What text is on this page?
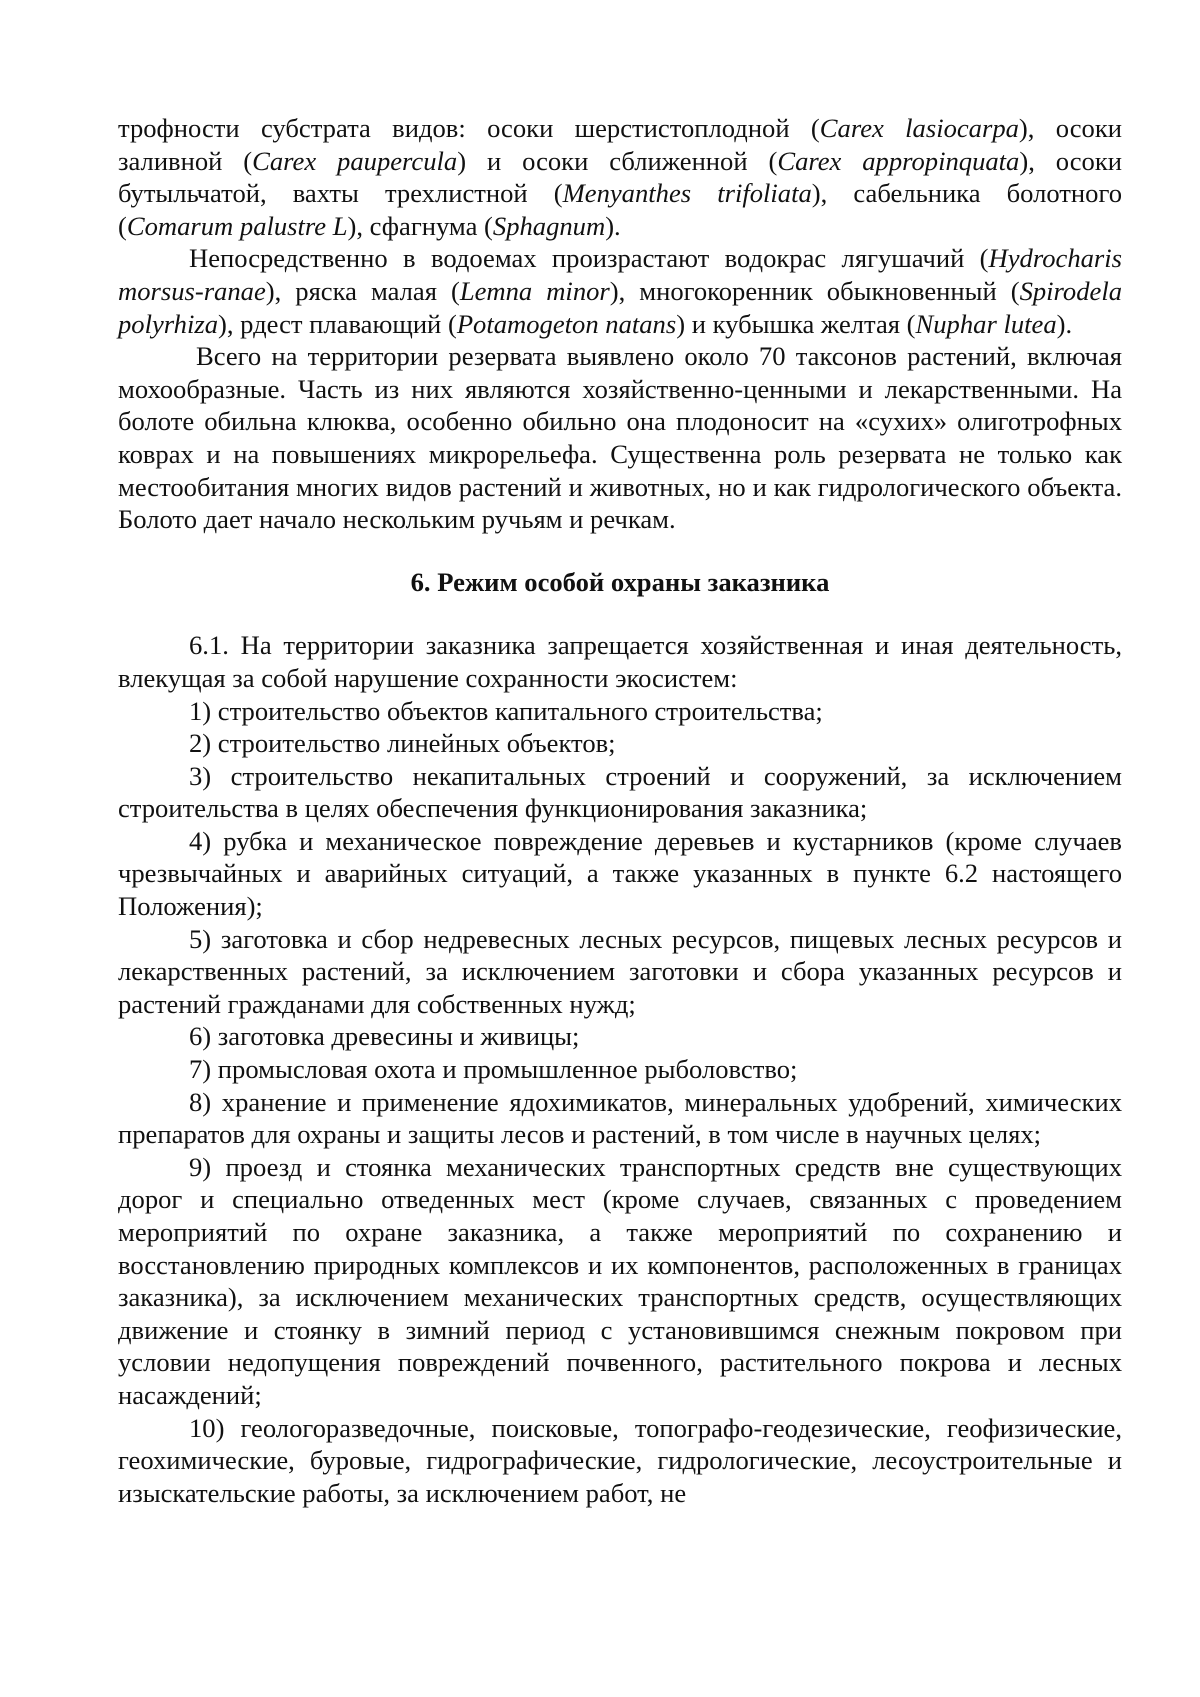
трофности субстрата видов: осоки шерстистоплодной (Carex lasiocarpa), осоки заливной (Carex paupercula) и осоки сближенной (Carex appropinquata), осоки бутыльчатой, вахты трехлистной (Menyanthes trifoliata), сабельника болотного (Comarum palustre L), сфагнума (Sphagnum).

Непосредственно в водоемах произрастают водокрас лягушачий (Hydrocharis morsus-ranae), ряска малая (Lemna minor), многокоренник обыкновенный (Spirodela polyrhiza), рдест плавающий (Potamogeton natans) и кубышка желтая (Nuphar lutea).

Всего на территории резервата выявлено около 70 таксонов растений, включая мохообразные. Часть из них являются хозяйственно-ценными и лекарственными. На болоте обильна клюква, особенно обильно она плодоносит на «сухих» олиготрофных коврах и на повышениях микрорельефа. Существенна роль резервата не только как местообитания многих видов растений и животных, но и как гидрологического объекта. Болото дает начало нескольким ручьям и речкам.

6. Режим особой охраны заказника

6.1. На территории заказника запрещается хозяйственная и иная деятельность, влекущая за собой нарушение сохранности экосистем:

1) строительство объектов капитального строительства;

2) строительство линейных объектов;

3) строительство некапитальных строений и сооружений, за исключением строительства в целях обеспечения функционирования заказника;

4) рубка и механическое повреждение деревьев и кустарников (кроме случаев чрезвычайных и аварийных ситуаций, а также указанных в пункте 6.2 настоящего Положения);

5) заготовка и сбор недревесных лесных ресурсов, пищевых лесных ресурсов и лекарственных растений, за исключением заготовки и сбора указанных ресурсов и растений гражданами для собственных нужд;

6) заготовка древесины и живицы;

7) промысловая охота и промышленное рыболовство;

8) хранение и применение ядохимикатов, минеральных удобрений, химических препаратов для охраны и защиты лесов и растений, в том числе в научных целях;

9) проезд и стоянка механических транспортных средств вне существующих дорог и специально отведенных мест (кроме случаев, связанных с проведением мероприятий по охране заказника, а также мероприятий по сохранению и восстановлению природных комплексов и их компонентов, расположенных в границах заказника), за исключением механических транспортных средств, осуществляющих движение и стоянку в зимний период с установившимся снежным покровом при условии недопущения повреждений почвенного, растительного покрова и лесных насаждений;

10) геологоразведочные, поисковые, топографо-геодезические, геофизические, геохимические, буровые, гидрографические, гидрологические, лесоустроительные и изыскательские работы, за исключением работ, не
